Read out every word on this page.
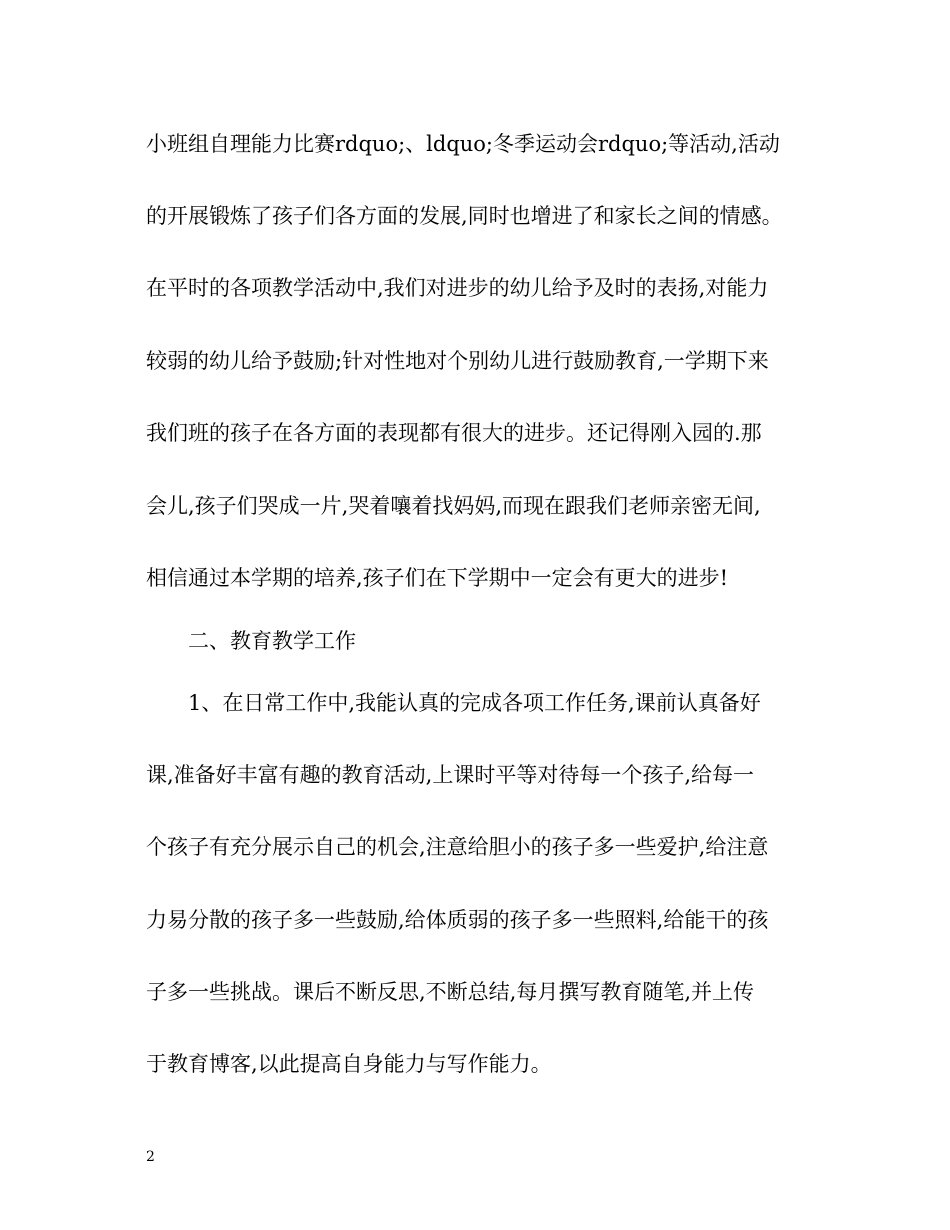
小班组自理能力比赛rdquo;、ldquo;冬季运动会rdquo;等活动,活动
的开展锻炼了孩子们各方面的发展,同时也增进了和家长之间的情感。
在平时的各项教学活动中,我们对进步的幼儿给予及时的表扬,对能力
较弱的幼儿给予鼓励;针对性地对个别幼儿进行鼓励教育,一学期下来
我们班的孩子在各方面的表现都有很大的进步。还记得刚入园的.那
会儿,孩子们哭成一片,哭着嚷着找妈妈,而现在跟我们老师亲密无间,
相信通过本学期的培养,孩子们在下学期中一定会有更大的进步!
　　二、教育教学工作
　　1、在日常工作中,我能认真的完成各项工作任务,课前认真备好
课,准备好丰富有趣的教育活动,上课时平等对待每一个孩子,给每一
个孩子有充分展示自己的机会,注意给胆小的孩子多一些爱护,给注意
力易分散的孩子多一些鼓励,给体质弱的孩子多一些照料,给能干的孩
子多一些挑战。课后不断反思,不断总结,每月撰写教育随笔,并上传
于教育博客,以此提高自身能力与写作能力。
2
